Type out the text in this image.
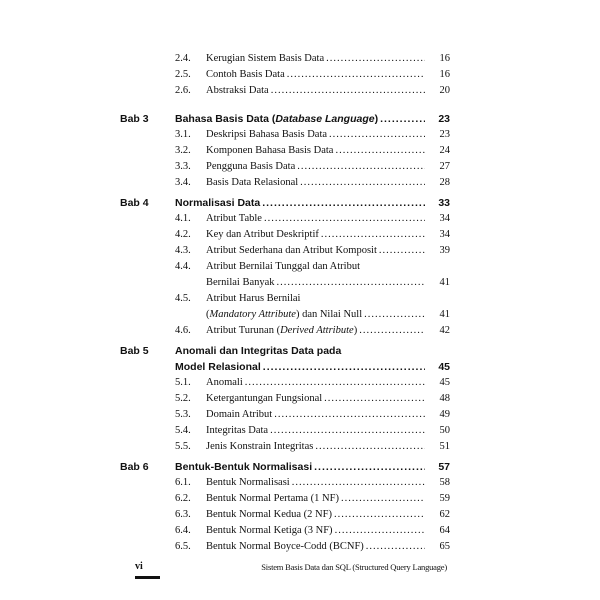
2.4. Kerugian Sistem Basis Data .....	16
2.5. Contoh Basis Data .....	16
2.6. Abstraksi Data .....	20
Bab 3	Bahasa Basis Data (Database Language) .....	23
3.1. Deskripsi Bahasa Basis Data .....	23
3.2. Komponen Bahasa Basis Data .....	24
3.3. Pengguna Basis Data .....	27
3.4. Basis Data Relasional .....	28
Bab 4	Normalisasi Data .....	33
4.1. Atribut Table .....	34
4.2. Key dan Atribut Deskriptif .....	34
4.3. Atribut Sederhana dan Atribut Komposit .....	39
4.4. Atribut Bernilai Tunggal dan Atribut
Bernilai Banyak .....	41
4.5. Atribut Harus Bernilai
(Mandatory Attribute) dan Nilai Null .....	41
4.6. Atribut Turunan (Derived Attribute) .....	42
Bab 5	Anomali dan Integritas Data pada
Model Relasional .....	45
5.1. Anomali .....	45
5.2. Ketergantungan Fungsional .....	48
5.3. Domain Atribut .....	49
5.4. Integritas Data .....	50
5.5. Jenis Konstrain Integritas .....	51
Bab 6	Bentuk-Bentuk Normalisasi .....	57
6.1. Bentuk Normalisasi .....	58
6.2. Bentuk Normal Pertama (1 NF) .....	59
6.3. Bentuk Normal Kedua (2 NF) .....	62
6.4. Bentuk Normal Ketiga (3 NF) .....	64
6.5. Bentuk Normal Boyce-Codd (BCNF) .....	65
vi	Sistem Basis Data dan SQL (Structured Query Language)
